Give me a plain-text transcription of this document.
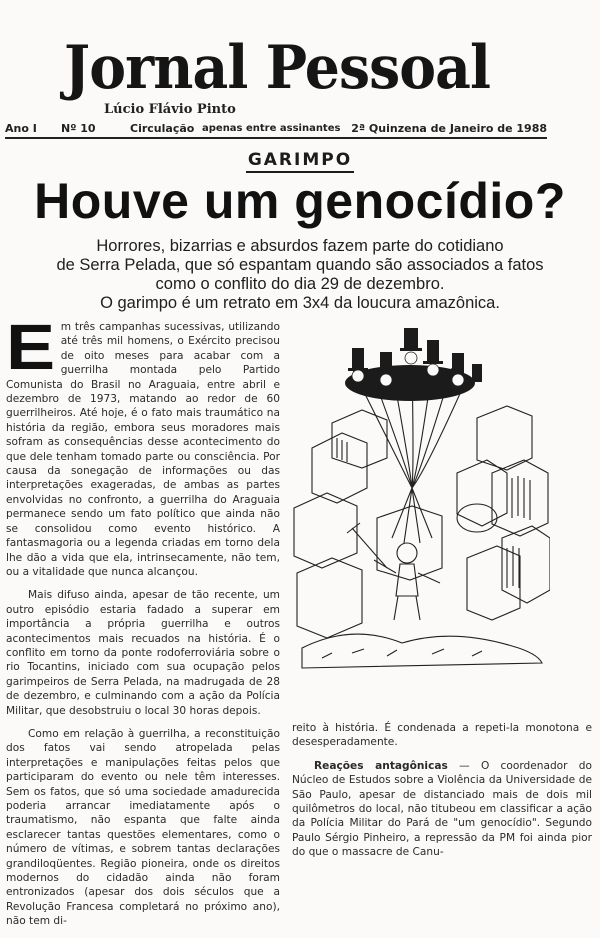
Jornal Pessoal
Lúcio Flávio Pinto
Ano I Nº 10	Circulação apenas entre assinantes 2ª Quinzena de Janeiro de 1988
GARIMPO
Houve um genocídio?
Horrores, bizarrias e absurdos fazem parte do cotidiano
de Serra Pelada, que só espantam quando são associados a fatos
como o conflito do dia 29 de dezembro.
O garimpo é um retrato em 3x4 da loucura amazônica.

E m três campanhas sucessivas, utilizando até três mil homens, o Exército precisou de oito meses para acabar com a guerrilha montada pelo Partido Comunista do Brasil no Araguaia, entre abril e dezembro de 1973, matando ao redor de 60 guerrilheiros. Até hoje, é o fato mais traumático na história da região, embora seus moradores mais sofram as consequências desse acontecimento do que dele tenham tomado parte ou consciência. Por causa da sonegação de informações ou das interpretações exageradas, de ambas as partes envolvidas no confronto, a guerrilha do Araguaia permanece sendo um fato político que ainda não se consolidou como evento histórico. A fantasmagoria ou a legenda criadas em torno dela lhe dão a vida que ela, intrinsecamente, não tem, ou a vitalidade que nunca alcançou.

Mais difuso ainda, apesar de tão recente, um outro episódio estaria fadado a superar em importância a própria guerrilha e outros acontecimentos mais recuados na história. É o conflito em torno da ponte rodoferroviária sobre o rio Tocantins, iniciado com sua ocupação pelos garimpeiros de Serra Pelada, na madrugada de 28 de dezembro, e culminando com a ação da Polícia Militar, que desobstruiu o local 30 horas depois.

Como em relação à guerrilha, a reconstituição dos fatos vai sendo atropelada pelas interpretações e manipulações feitas pelos que participaram do evento ou nele têm interesses. Sem os fatos, que só uma sociedade amadurecida poderia arrancar imediatamente após o traumatismo, não espanta que falte ainda esclarecer tantas questões elementares, como o número de vítimas, e sobrem tantas declarações grandiloqüentes. Região pioneira, onde os direitos modernos do cidadão ainda não foram entronizados (apesar dos dois séculos que a Revolução Francesa completará no próximo ano), não tem di-

reito à história. É condenada a repeti-la monotona e desesperadamente.

Reações antagônicas — O coordenador do Núcleo de Estudos sobre a Violência da Universidade de São Paulo, apesar de distanciado mais de dois mil quilômetros do local, não titubeou em classificar a ação da Polícia Militar do Pará de "um genocídio". Segundo Paulo Sérgio Pinheiro, a repressão da PM foi ainda pior do que o massacre de Canu-
